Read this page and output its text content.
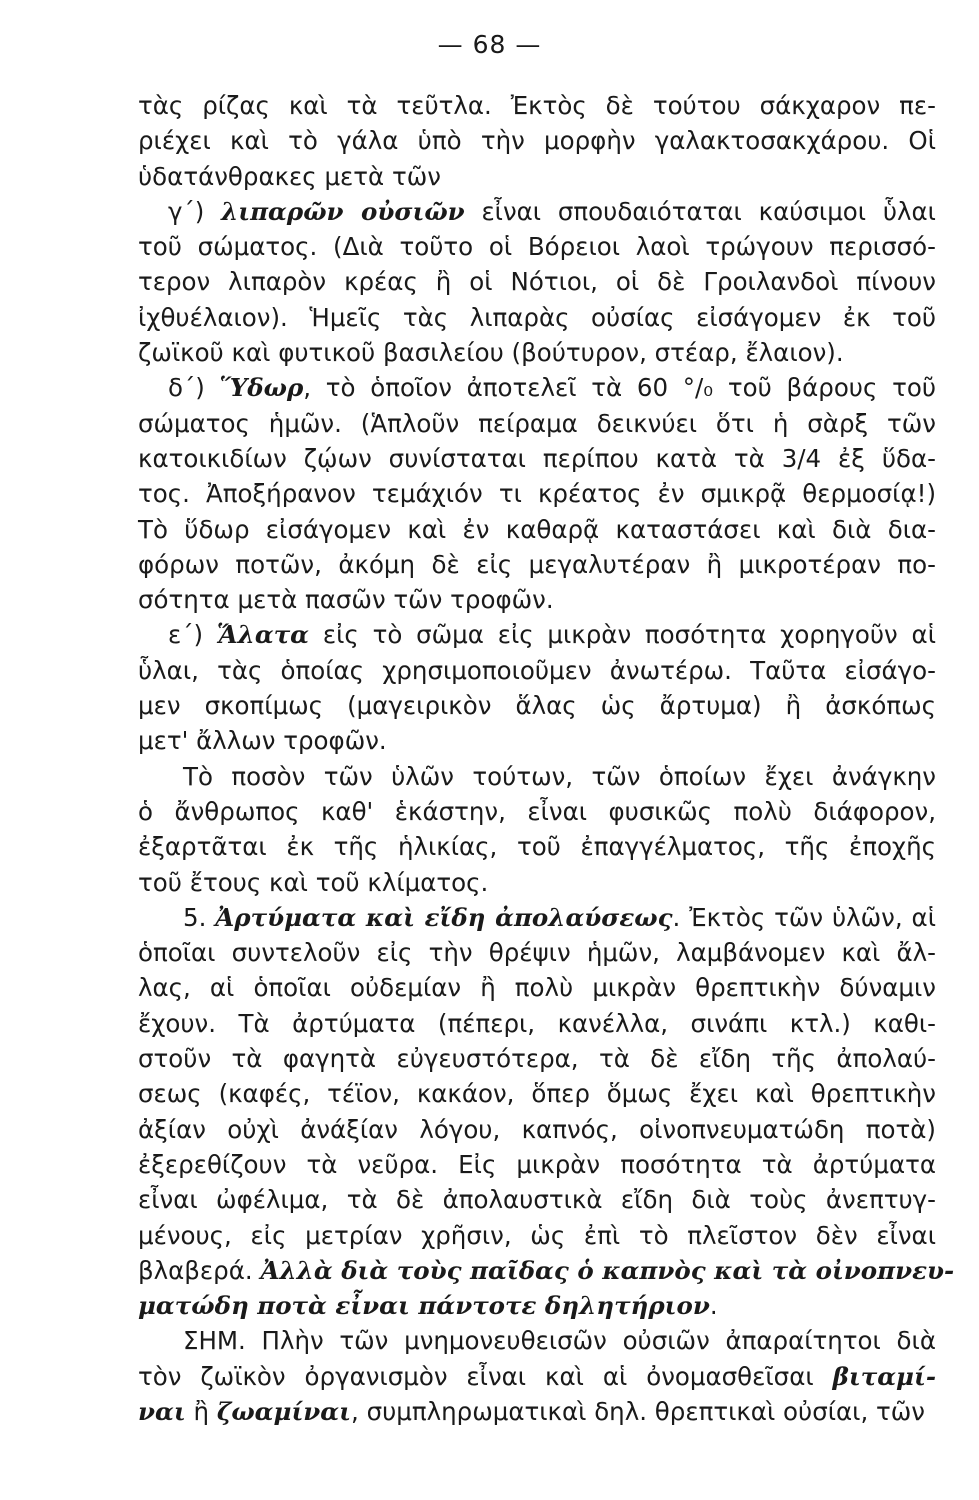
— 68 —
τὰς ρίζας καὶ τὰ τεῦτλα. Ἐκτὸς δὲ τούτου σάκχαρον πε-
ριέχει καὶ τὸ γάλα ὑπὸ τὴν μορφὴν γαλακτοσακχάρου. Οἱ
ὑδατάνθρακες μετὰ τῶν
γ΄) λιπαρῶν οὐσιῶν εἶναι σπουδαιόταται καύσιμοι ὗλαι
τοῦ σώματος. (Διὰ τοῦτο οἱ Βόρειοι λαοὶ τρώγουν περισσό-
τερον λιπαρὸν κρέας ἢ οἱ Νότιοι, οἱ δὲ Γροιλανδοὶ πίνουν
ἰχθυέλαιον). Ἡμεῖς τὰς λιπαρὰς οὐσίας εἰσάγομεν ἐκ τοῦ
ζωϊκοῦ καὶ φυτικοῦ βασιλείου (βούτυρον, στέαρ, ἔλαιον).
δ΄) Ὕδωρ, τὸ ὁποῖον ἀποτελεῖ τὰ 60 °/₀ τοῦ βάρους τοῦ
σώματος ἡμῶν. (Ἁπλοῦν πείραμα δεικνύει ὅτι ἡ σὰρξ τῶν
κατοικιδίων ζῴων συνίσταται περίπου κατὰ τὰ 3/4 ἐξ ὕδα-
τος. Ἀποξήρανον τεμάχιόν τι κρέατος ἐν σμικρᾷ θερμοσίᾳ!)
Τὸ ὕδωρ εἰσάγομεν καὶ ἐν καθαρᾷ καταστάσει καὶ διὰ δια-
φόρων ποτῶν, ἀκόμη δὲ εἰς μεγαλυτέραν ἢ μικροτέραν πο-
σότητα μετὰ πασῶν τῶν τροφῶν.
ε΄) Ἅλατα εἰς τὸ σῶμα εἰς μικρὰν ποσότητα χορηγοῦν αἱ
ὗλαι, τὰς ὁποίας χρησιμοποιοῦμεν ἀνωτέρω. Ταῦτα εἰσάγο-
μεν σκοπίμως (μαγειρικὸν ἅλας ὡς ἄρτυμα) ἢ ἀσκόπως
μετ' ἄλλων τροφῶν.
Τὸ ποσὸν τῶν ὑλῶν τούτων, τῶν ὁποίων ἔχει ἀνάγκην
ὁ ἄνθρωπος καθ' ἑκάστην, εἶναι φυσικῶς πολὺ διάφορον,
ἐξαρτᾶται ἐκ τῆς ἡλικίας, τοῦ ἐπαγγέλματος, τῆς ἐποχῆς
τοῦ ἔτους καὶ τοῦ κλίματος.
5. Ἀρτύματα καὶ εἴδη ἀπολαύσεως. Ἐκτὸς τῶν ὑλῶν, αἱ
ὁποῖαι συντελοῦν εἰς τὴν θρέψιν ἡμῶν, λαμβάνομεν καὶ ἄλ-
λας, αἱ ὁποῖαι οὐδεμίαν ἢ πολὺ μικρὰν θρεπτικὴν δύναμιν
ἔχουν. Τὰ ἀρτύματα (πέπερι, κανέλλα, σινάπι κτλ.) καθι-
στοῦν τὰ φαγητὰ εὐγευστότερα, τὰ δὲ εἴδη τῆς ἀπολαύ-
σεως (καφές, τέϊον, κακάον, ὅπερ ὅμως ἔχει καὶ θρεπτικὴν
ἀξίαν οὐχὶ ἀνάξίαν λόγου, καπνός, οἰνοπνευματώδη ποτὰ)
ἐξερεθίζουν τὰ νεῦρα. Εἰς μικρὰν ποσότητα τὰ ἀρτύματα
εἶναι ὠφέλιμα, τὰ δὲ ἀπολαυστικὰ εἴδη διὰ τοὺς ἀνεπτυγ-
μένους, εἰς μετρίαν χρῆσιν, ὡς ἐπὶ τὸ πλεῖστον δὲν εἶναι
βλαβερά. Ἀλλὰ διὰ τοὺς παῖδας ὁ καπνὸς καὶ τὰ οἰνοπνευ-
ματώδη ποτὰ εἶναι πάντοτε δηλητήριον.
ΣΗΜ. Πλὴν τῶν μνημονευθεισῶν οὐσιῶν ἀπαραίτητοι διὰ
τὸν ζωϊκὸν ὀργανισμὸν εἶναι καὶ αἱ ὀνομασθεῖσαι βιταμί-
ναι ἢ ζωαμίναι, συμπληρωματικαὶ δηλ. θρεπτικαὶ οὐσίαι, τῶν
